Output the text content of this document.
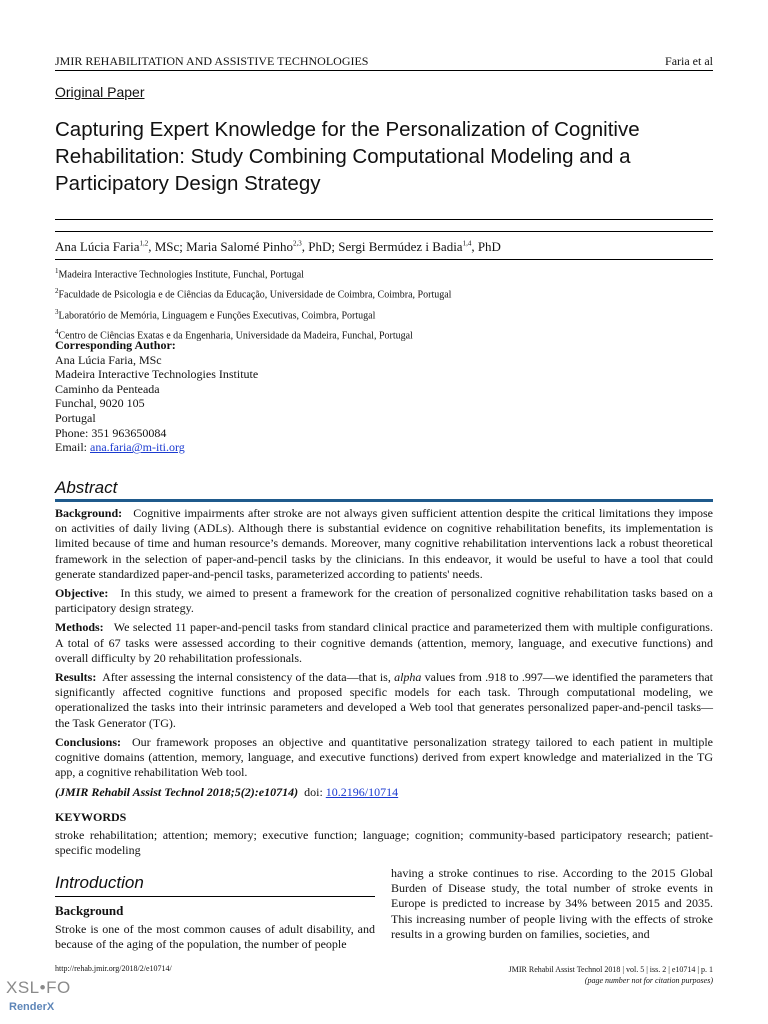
JMIR REHABILITATION AND ASSISTIVE TECHNOLOGIES	Faria et al
Original Paper
Capturing Expert Knowledge for the Personalization of Cognitive Rehabilitation: Study Combining Computational Modeling and a Participatory Design Strategy
Ana Lúcia Faria$^{1,2}$, MSc; Maria Salomé Pinho$^{2,3}$, PhD; Sergi Bermúdez i Badia$^{1,4}$, PhD
$^1$Madeira Interactive Technologies Institute, Funchal, Portugal
$^2$Faculdade de Psicologia e de Ciências da Educação, Universidade de Coimbra, Coimbra, Portugal
$^3$Laboratório de Memória, Linguagem e Funções Executivas, Coimbra, Portugal
$^4$Centro de Ciências Exatas e da Engenharia, Universidade da Madeira, Funchal, Portugal
Corresponding Author:
Ana Lúcia Faria, MSc
Madeira Interactive Technologies Institute
Caminho da Penteada
Funchal, 9020 105
Portugal
Phone: 351 963650084
Email: ana.faria@m-iti.org
Abstract

Background: Cognitive impairments after stroke are not always given sufficient attention despite the critical limitations they impose on activities of daily living (ADLs). Although there is substantial evidence on cognitive rehabilitation benefits, its implementation is limited because of time and human resource’s demands. Moreover, many cognitive rehabilitation interventions lack a robust theoretical framework in the selection of paper-and-pencil tasks by the clinicians. In this endeavor, it would be useful to have a tool that could generate standardized paper-and-pencil tasks, parameterized according to patients' needs.

Objective: In this study, we aimed to present a framework for the creation of personalized cognitive rehabilitation tasks based on a participatory design strategy.

Methods: We selected 11 paper-and-pencil tasks from standard clinical practice and parameterized them with multiple configurations. A total of 67 tasks were assessed according to their cognitive demands (attention, memory, language, and executive functions) and overall difficulty by 20 rehabilitation professionals.

Results: After assessing the internal consistency of the data—that is, alpha values from .918 to .997—we identified the parameters that significantly affected cognitive functions and proposed specific models for each task. Through computational modeling, we operationalized the tasks into their intrinsic parameters and developed a Web tool that generates personalized paper-and-pencil tasks—the Task Generator (TG).

Conclusions: Our framework proposes an objective and quantitative personalization strategy tailored to each patient in multiple cognitive domains (attention, memory, language, and executive functions) derived from expert knowledge and materialized in the TG app, a cognitive rehabilitation Web tool.

(JMIR Rehabil Assist Technol 2018;5(2):e10714) doi: 10.2196/10714
KEYWORDS
stroke rehabilitation; attention; memory; executive function; language; cognition; community-based participatory research; patient-specific modeling
Introduction
Background
Stroke is one of the most common causes of adult disability, and because of the aging of the population, the number of people
having a stroke continues to rise. According to the 2015 Global Burden of Disease study, the total number of stroke events in Europe is predicted to increase by 34% between 2015 and 2035. This increasing number of people living with the effects of stroke results in a growing burden on families, societies, and
http://rehab.jmir.org/2018/2/e10714/	JMIR Rehabil Assist Technol 2018 | vol. 5 | iss. 2 | e10714 | p. 1
(page number not for citation purposes)
XSL•FO
RenderX
